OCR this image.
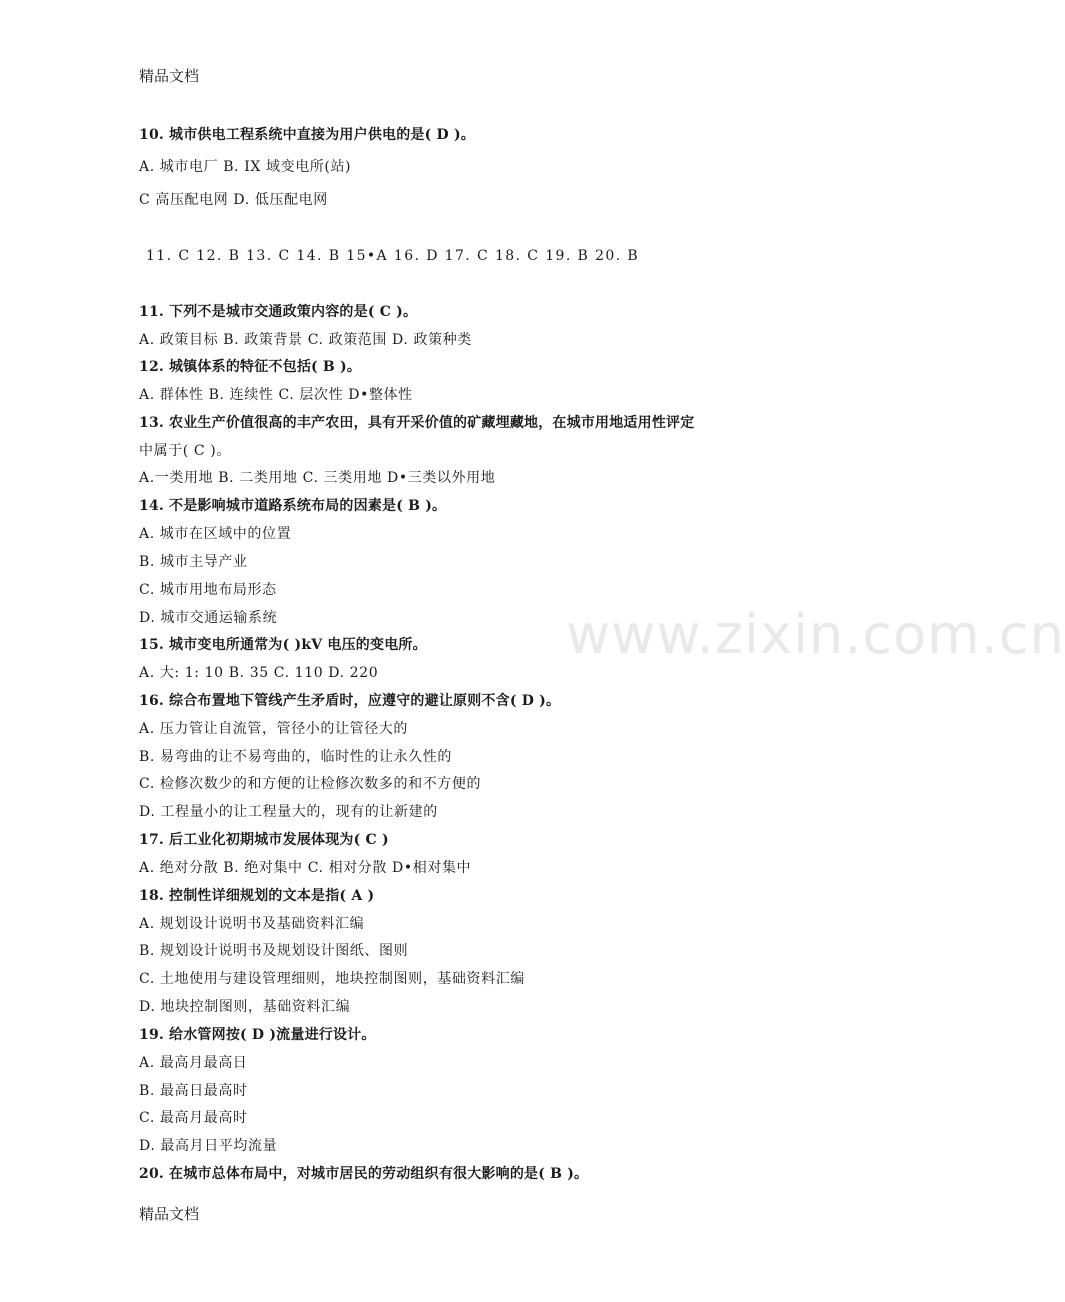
www.zixin.com.cn
精品文档
10. 城市供电工程系统中直接为用户供电的是( D )。
A. 城市电厂 B. IX 域变电所(站)
C 高压配电网 D. 低压配电网
11. C 12. B 13. C 14. B 15•A 16. D 17. C 18. C 19. B 20. B
11. 下列不是城市交通政策内容的是( C )。
A. 政策目标 B. 政策背景 C. 政策范围 D. 政策种类
12. 城镇体系的特征不包括( B )。
A. 群体性 B. 连续性 C. 层次性 D•整体性
13. 农业生产价值很高的丰产农田，具有开采价值的矿藏埋藏地，在城市用地适用性评定
中属于( C )。
A.一类用地 B. 二类用地 C. 三类用地 D•三类以外用地
14. 不是影响城市道路系统布局的因素是( B )。
A. 城市在区域中的位置
B. 城市主导产业
C. 城市用地布局形态
D. 城市交通运输系统
15. 城市变电所通常为( )kV 电压的变电所。
A. 大: 1: 10 B. 35 C. 110 D. 220
16. 综合布置地下管线产生矛盾时，应遵守的避让原则不含( D )。
A. 压力管让自流管，管径小的让管径大的
B. 易弯曲的让不易弯曲的，临时性的让永久性的
C. 检修次数少的和方便的让检修次数多的和不方便的
D. 工程量小的让工程量大的，现有的让新建的
17. 后工业化初期城市发展体现为( C )
A. 绝对分散 B. 绝对集中 C. 相对分散 D•相对集中
18. 控制性详细规划的文本是指( A )
A. 规划设计说明书及基础资料汇编
B. 规划设计说明书及规划设计图纸、图则
C. 土地使用与建设管理细则，地块控制图则，基础资料汇编
D. 地块控制图则，基础资料汇编
19. 给水管网按( D )流量进行设计。
A. 最高月最高日
B. 最高日最高时
C. 最高月最高时
D. 最高月日平均流量
20. 在城市总体布局中，对城市居民的劳动组织有很大影响的是( B )。
精品文档
